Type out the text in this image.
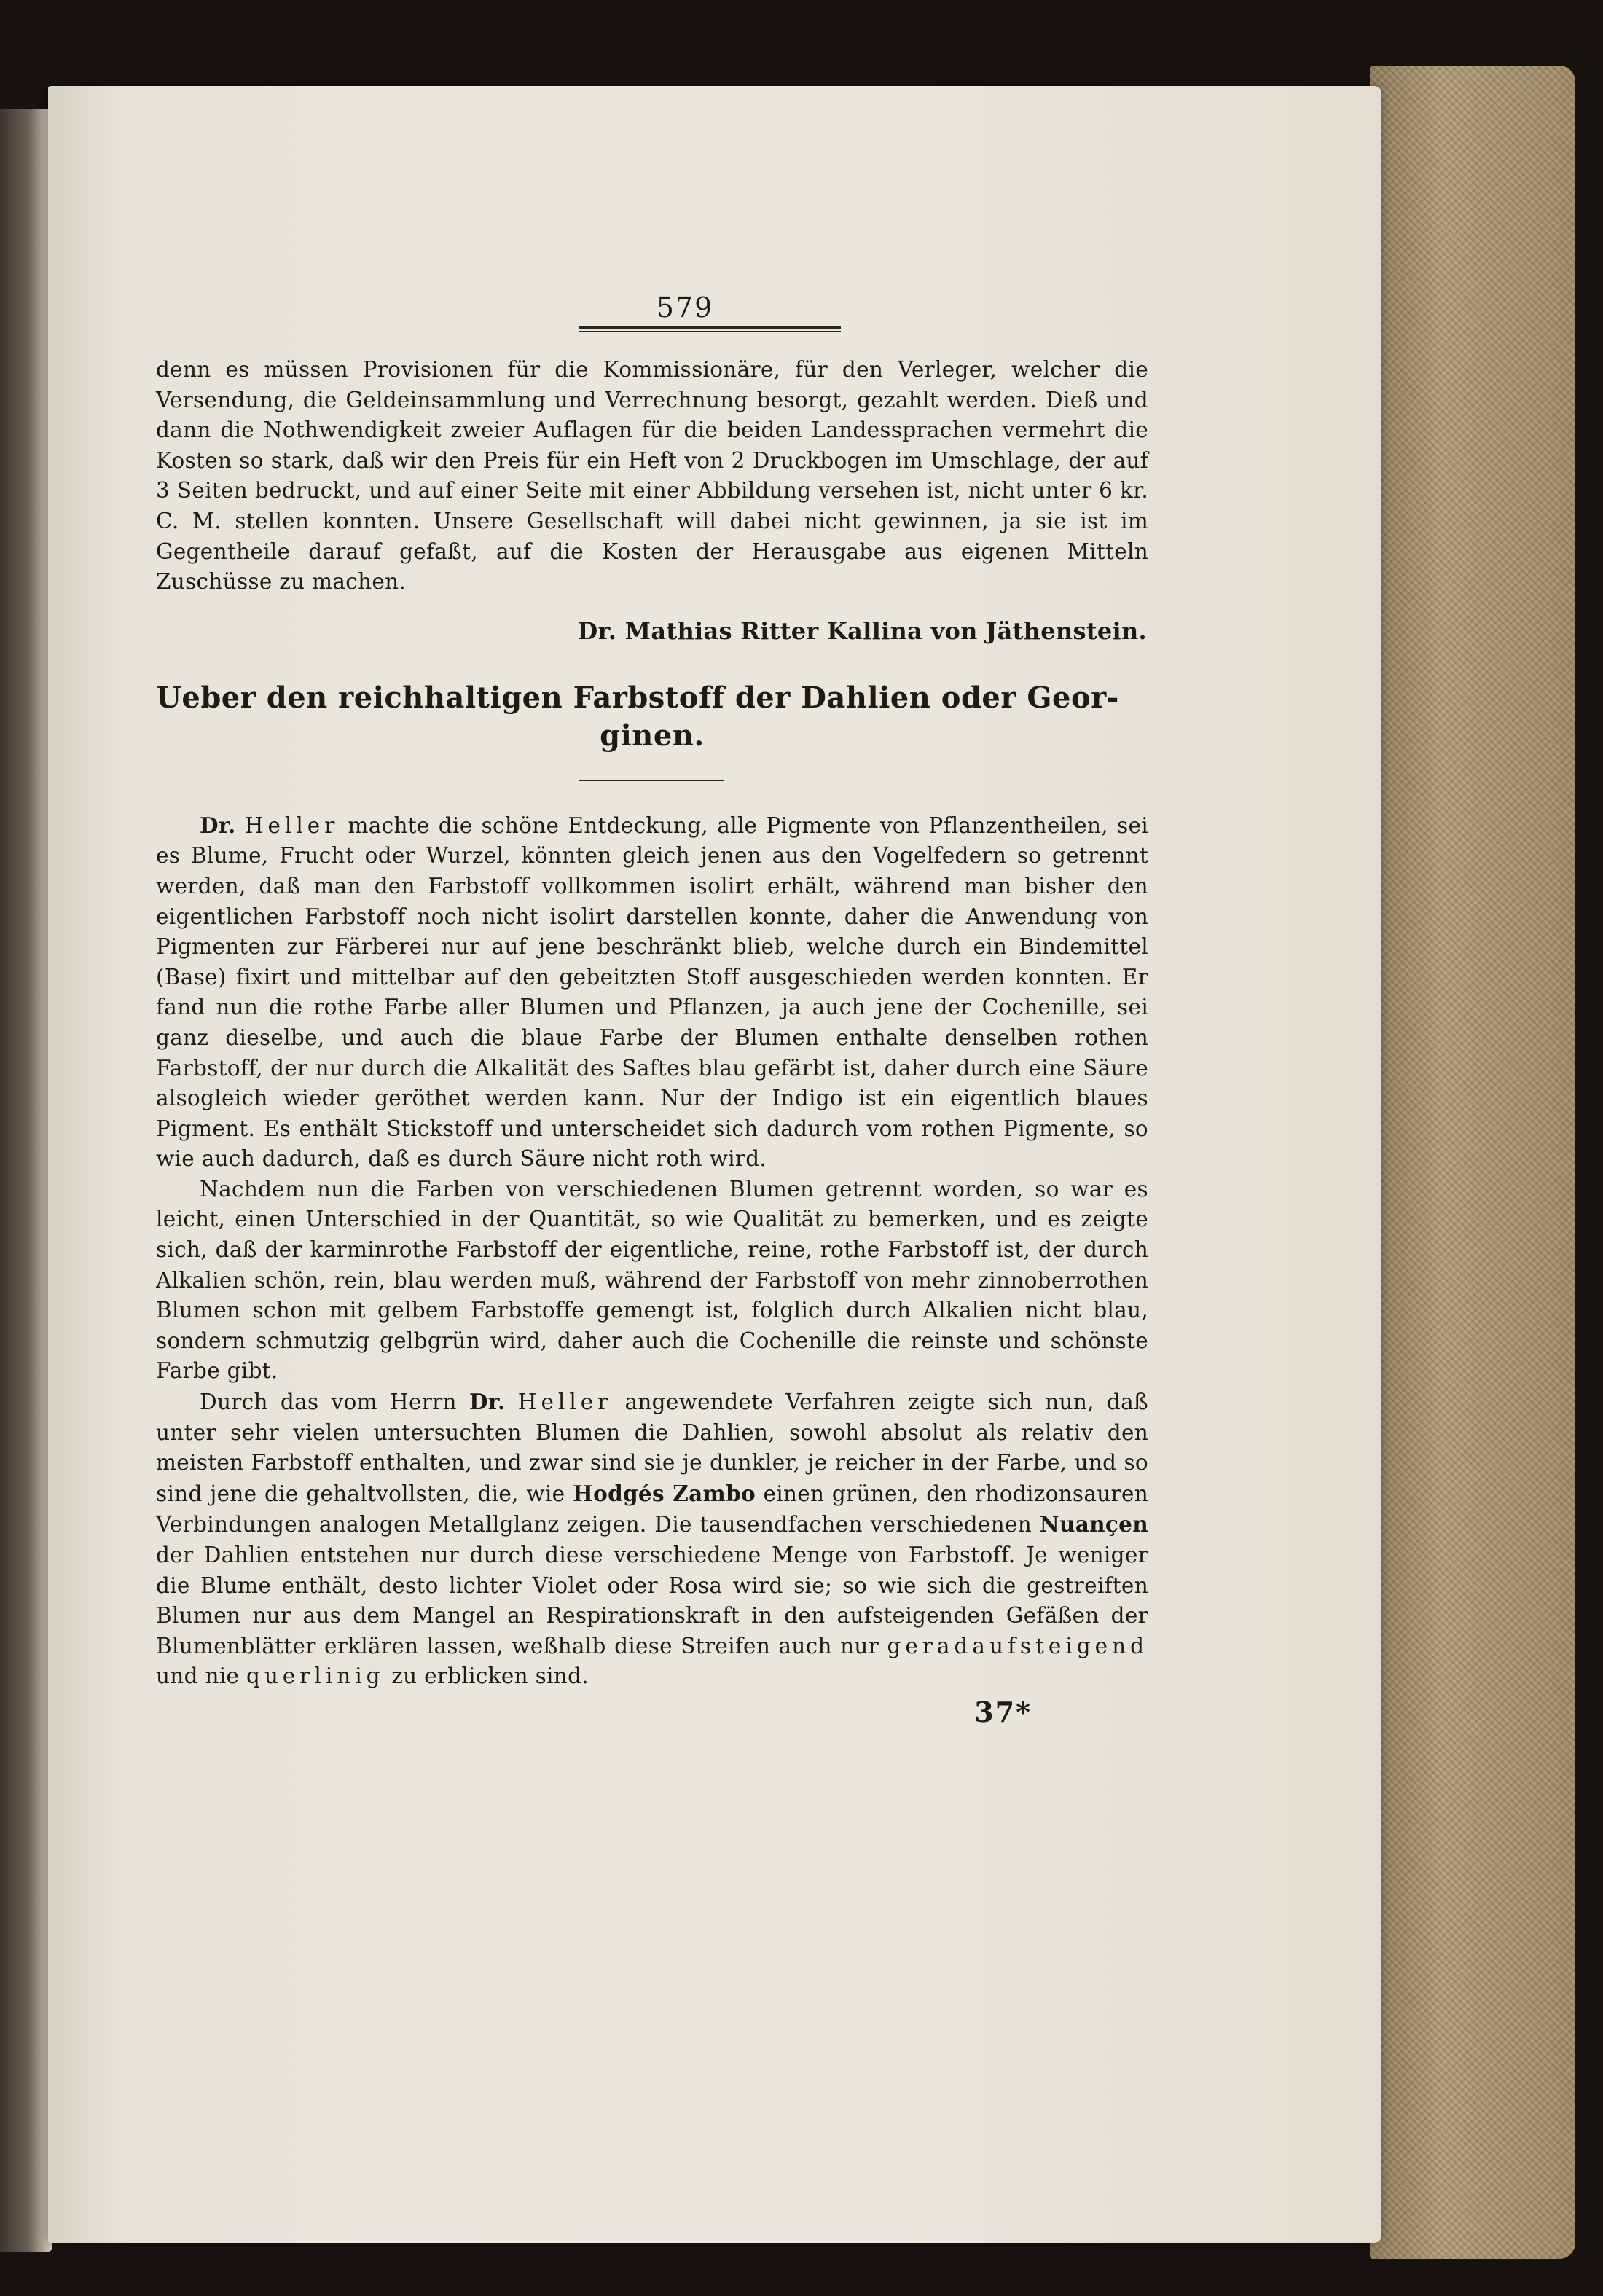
579

denn es müssen Provisionen für die Kommissionäre, für den Verleger, welcher die Versendung, die Geldeinsammlung und Verrechnung besorgt, gezahlt werden. Dieß und dann die Nothwendigkeit zweier Auflagen für die beiden Landessprachen vermehrt die Kosten so stark, daß wir den Preis für ein Heft von 2 Druckbogen im Umschlage, der auf 3 Seiten bedruckt, und auf einer Seite mit einer Abbildung versehen ist, nicht unter 6 kr. C. M. stellen konnten. Unsere Gesellschaft will dabei nicht gewinnen, ja sie ist im Gegentheile darauf gefaßt, auf die Kosten der Herausgabe aus eigenen Mitteln Zuschüsse zu machen.

Dr. Mathias Ritter Kallina von Jäthenstein.
Ueber den reichhaltigen Farbstoff der Dahlien oder Geor-
ginen.

Dr. Heller machte die schöne Entdeckung, alle Pigmente von Pflanzentheilen, sei es Blume, Frucht oder Wurzel, könnten gleich jenen aus den Vogelfedern so getrennt werden, daß man den Farbstoff vollkommen isolirt erhält, während man bisher den eigentlichen Farbstoff noch nicht isolirt darstellen konnte, daher die Anwendung von Pigmenten zur Färberei nur auf jene beschränkt blieb, welche durch ein Bindemittel (Base) fixirt und mittelbar auf den gebeitzten Stoff ausgeschieden werden konnten. Er fand nun die rothe Farbe aller Blumen und Pflanzen, ja auch jene der Cochenille, sei ganz dieselbe, und auch die blaue Farbe der Blumen enthalte denselben rothen Farbstoff, der nur durch die Alkalität des Saftes blau gefärbt ist, daher durch eine Säure alsogleich wieder geröthet werden kann. Nur der Indigo ist ein eigentlich blaues Pigment. Es enthält Stickstoff und unterscheidet sich dadurch vom rothen Pigmente, so wie auch dadurch, daß es durch Säure nicht roth wird.

Nachdem nun die Farben von verschiedenen Blumen getrennt worden, so war es leicht, einen Unterschied in der Quantität, so wie Qualität zu bemerken, und es zeigte sich, daß der karminrothe Farbstoff der eigentliche, reine, rothe Farbstoff ist, der durch Alkalien schön, rein, blau werden muß, während der Farbstoff von mehr zinnoberrothen Blumen schon mit gelbem Farbstoffe gemengt ist, folglich durch Alkalien nicht blau, sondern schmutzig gelbgrün wird, daher auch die Cochenille die reinste und schönste Farbe gibt.

Durch das vom Herrn Dr. Heller angewendete Verfahren zeigte sich nun, daß unter sehr vielen untersuchten Blumen die Dahlien, sowohl absolut als relativ den meisten Farbstoff enthalten, und zwar sind sie je dunkler, je reicher in der Farbe, und so sind jene die gehaltvollsten, die, wie Hodgés Zambo einen grünen, den rhodizonsauren Verbindungen analogen Metallglanz zeigen. Die tausendfachen verschiedenen Nuançen der Dahlien entstehen nur durch diese verschiedene Menge von Farbstoff. Je weniger die Blume enthält, desto lichter Violet oder Rosa wird sie; so wie sich die gestreiften Blumen nur aus dem Mangel an Respirationskraft in den aufsteigenden Gefäßen der Blumenblätter erklären lassen, weßhalb diese Streifen auch nur geradaufsteigend und nie querlinig zu erblicken sind.

37*
